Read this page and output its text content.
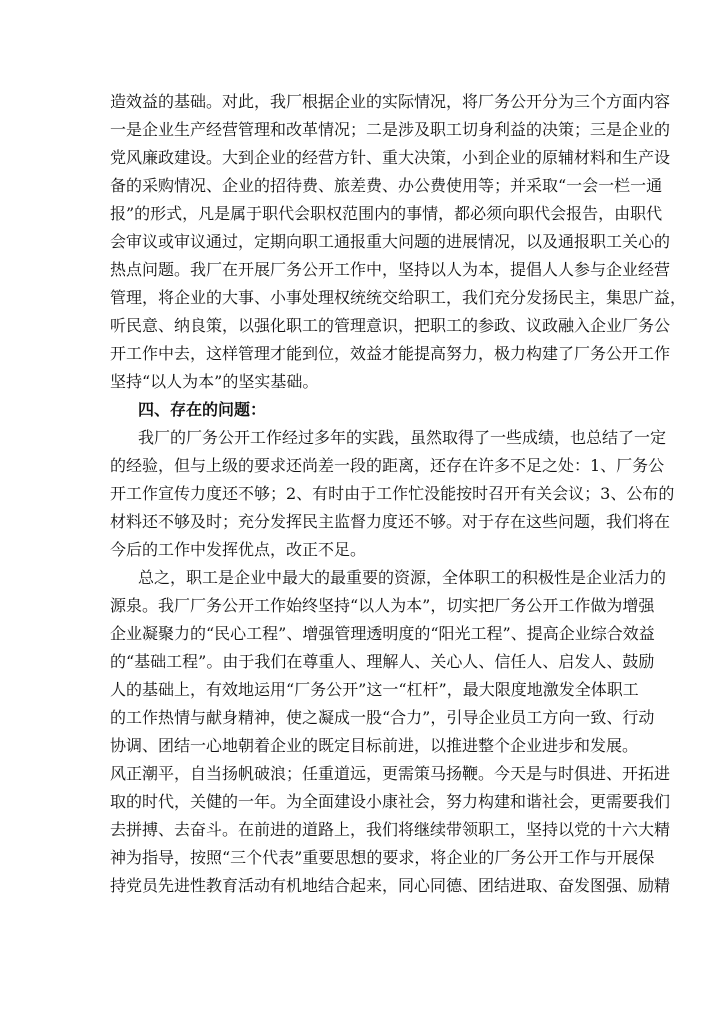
造效益的基础。对此，我厂根据企业的实际情况，将厂务公开分为三个方面内容
一是企业生产经营管理和改革情况；二是涉及职工切身利益的决策；三是企业的
党风廉政建设。大到企业的经营方针、重大决策，小到企业的原辅材料和生产设
备的采购情况、企业的招待费、旅差费、办公费使用等；并采取“一会一栏一通
报”的形式，凡是属于职代会职权范围内的事情，都必须向职代会报告，由职代
会审议或审议通过，定期向职工通报重大问题的进展情况，以及通报职工关心的
热点问题。我厂在开展厂务公开工作中，坚持以人为本，提倡人人参与企业经营
管理，将企业的大事、小事处理权统统交给职工，我们充分发扬民主，集思广益，
听民意、纳良策，以强化职工的管理意识，把职工的参政、议政融入企业厂务公
开工作中去，这样管理才能到位，效益才能提高努力，极力构建了厂务公开工作
坚持“以人为本”的坚实基础。
四、存在的问题：
我厂的厂务公开工作经过多年的实践，虽然取得了一些成绩，也总结了一定
的经验，但与上级的要求还尚差一段的距离，还存在许多不足之处：1、厂务公
开工作宣传力度还不够；2、有时由于工作忙没能按时召开有关会议；3、公布的
材料还不够及时；充分发挥民主监督力度还不够。对于存在这些问题，我们将在
今后的工作中发挥优点，改正不足。
总之，职工是企业中最大的最重要的资源，全体职工的积极性是企业活力的
源泉。我厂厂务公开工作始终坚持“以人为本”，切实把厂务公开工作做为增强
企业凝聚力的“民心工程”、增强管理透明度的“阳光工程”、提高企业综合效益
的“基础工程”。由于我们在尊重人、理解人、关心人、信任人、启发人、鼓励
人的基础上，有效地运用“厂务公开”这一“杠杆”，最大限度地激发全体职工
的工作热情与献身精神，使之凝成一股“合力”，引导企业员工方向一致、行动
协调、团结一心地朝着企业的既定目标前进，以推进整个企业进步和发展。
风正潮平，自当扬帆破浪；任重道远，更需策马扬鞭。今天是与时俱进、开拓进
取的时代，关健的一年。为全面建设小康社会，努力构建和谐社会，更需要我们
去拼搏、去奋斗。在前进的道路上，我们将继续带领职工，坚持以党的十六大精
神为指导，按照“三个代表”重要思想的要求，将企业的厂务公开工作与开展保
持党员先进性教育活动有机地结合起来，同心同德、团结进取、奋发图强、励精
